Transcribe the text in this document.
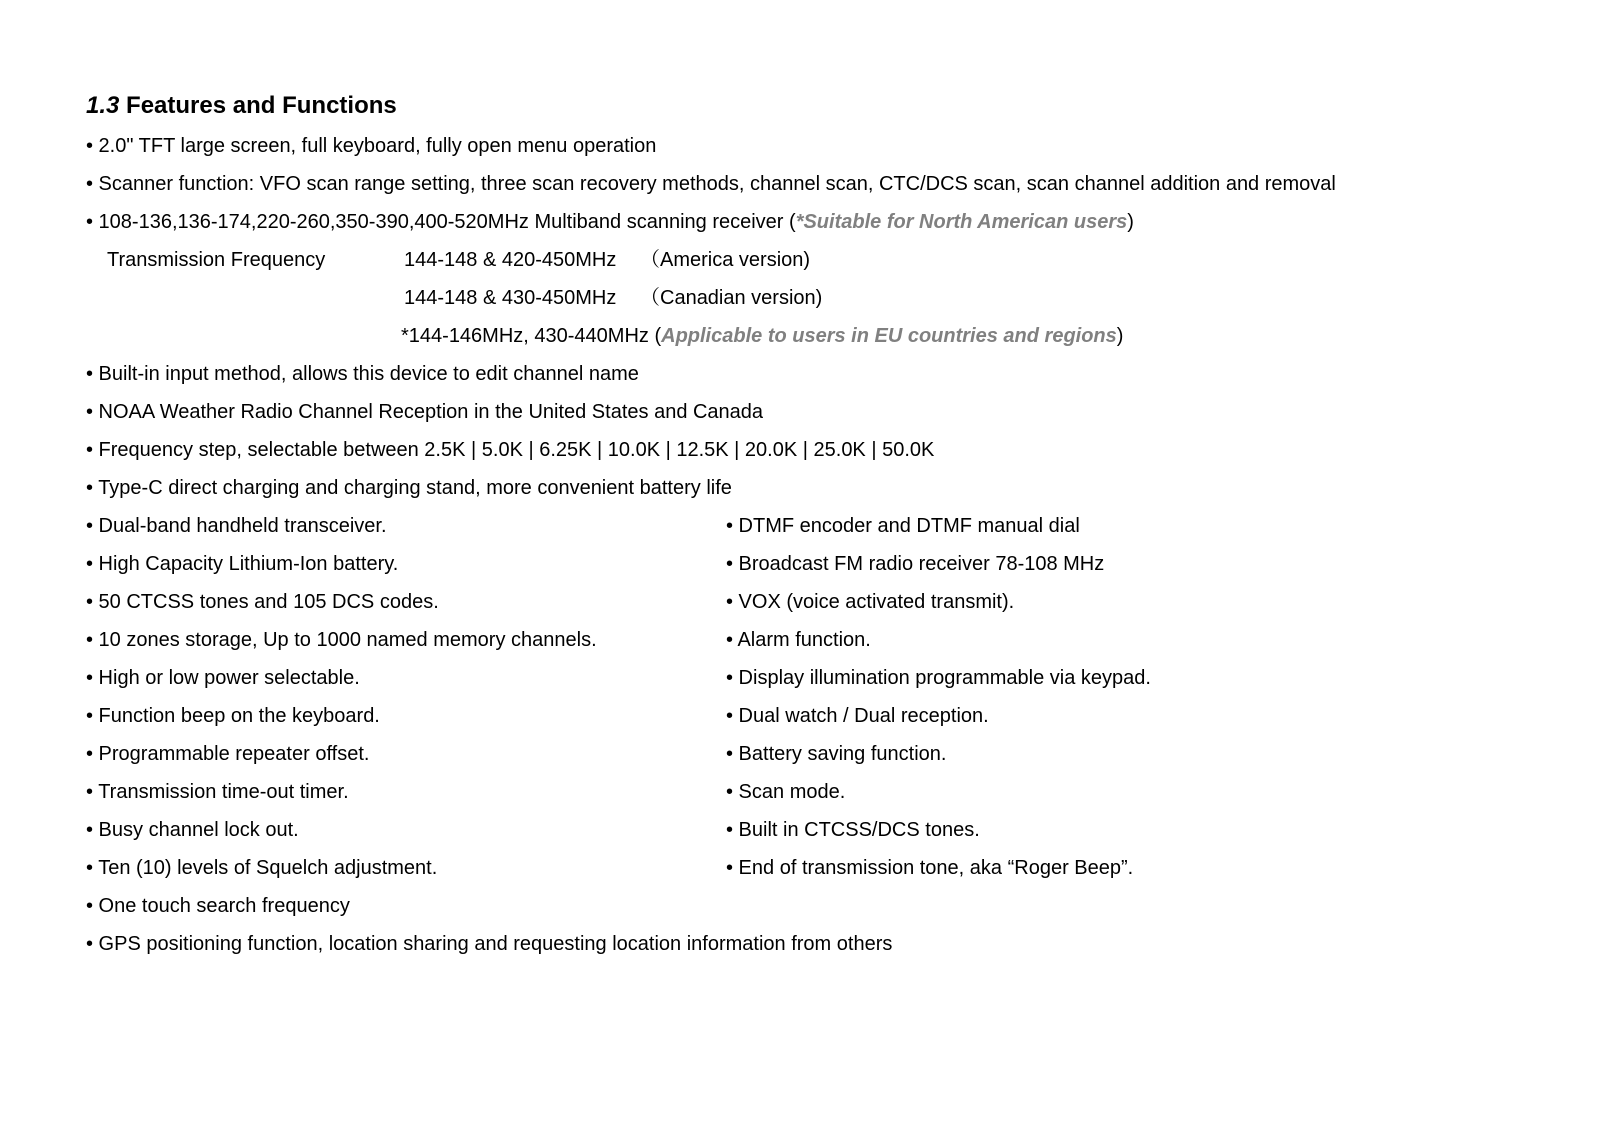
1.3 Features and Functions
• 2.0" TFT large screen, full keyboard, fully open menu operation
• Scanner function: VFO scan range setting, three scan recovery methods, channel scan, CTC/DCS scan, scan channel addition and removal
• 108-136,136-174,220-260,350-390,400-520MHz Multiband scanning receiver (*Suitable for North American users)
Transmission Frequency	144-148 & 420-450MHz （America version)
144-148 & 430-450MHz （Canadian version)
*144-146MHz, 430-440MHz (Applicable to users in EU countries and regions)
• Built-in input method, allows this device to edit channel name
• NOAA Weather Radio Channel Reception in the United States and Canada
• Frequency step, selectable between 2.5K | 5.0K | 6.25K | 10.0K | 12.5K | 20.0K | 25.0K | 50.0K
• Type-C direct charging and charging stand, more convenient battery life
• Dual-band handheld transceiver.
• High Capacity Lithium-Ion battery.
• 50 CTCSS tones and 105 DCS codes.
• 10 zones storage, Up to 1000 named memory channels.
• High or low power selectable.
• Function beep on the keyboard.
• Programmable repeater offset.
• Transmission time-out timer.
• Busy channel lock out.
• Ten (10) levels of Squelch adjustment.
• DTMF encoder and DTMF manual dial
• Broadcast FM radio receiver 78-108 MHz
• VOX (voice activated transmit).
• Alarm function.
• Display illumination programmable via keypad.
• Dual watch / Dual reception.
• Battery saving function.
• Scan mode.
• Built in CTCSS/DCS tones.
• End of transmission tone, aka “Roger Beep”.
• One touch search frequency
• GPS positioning function, location sharing and requesting location information from others
